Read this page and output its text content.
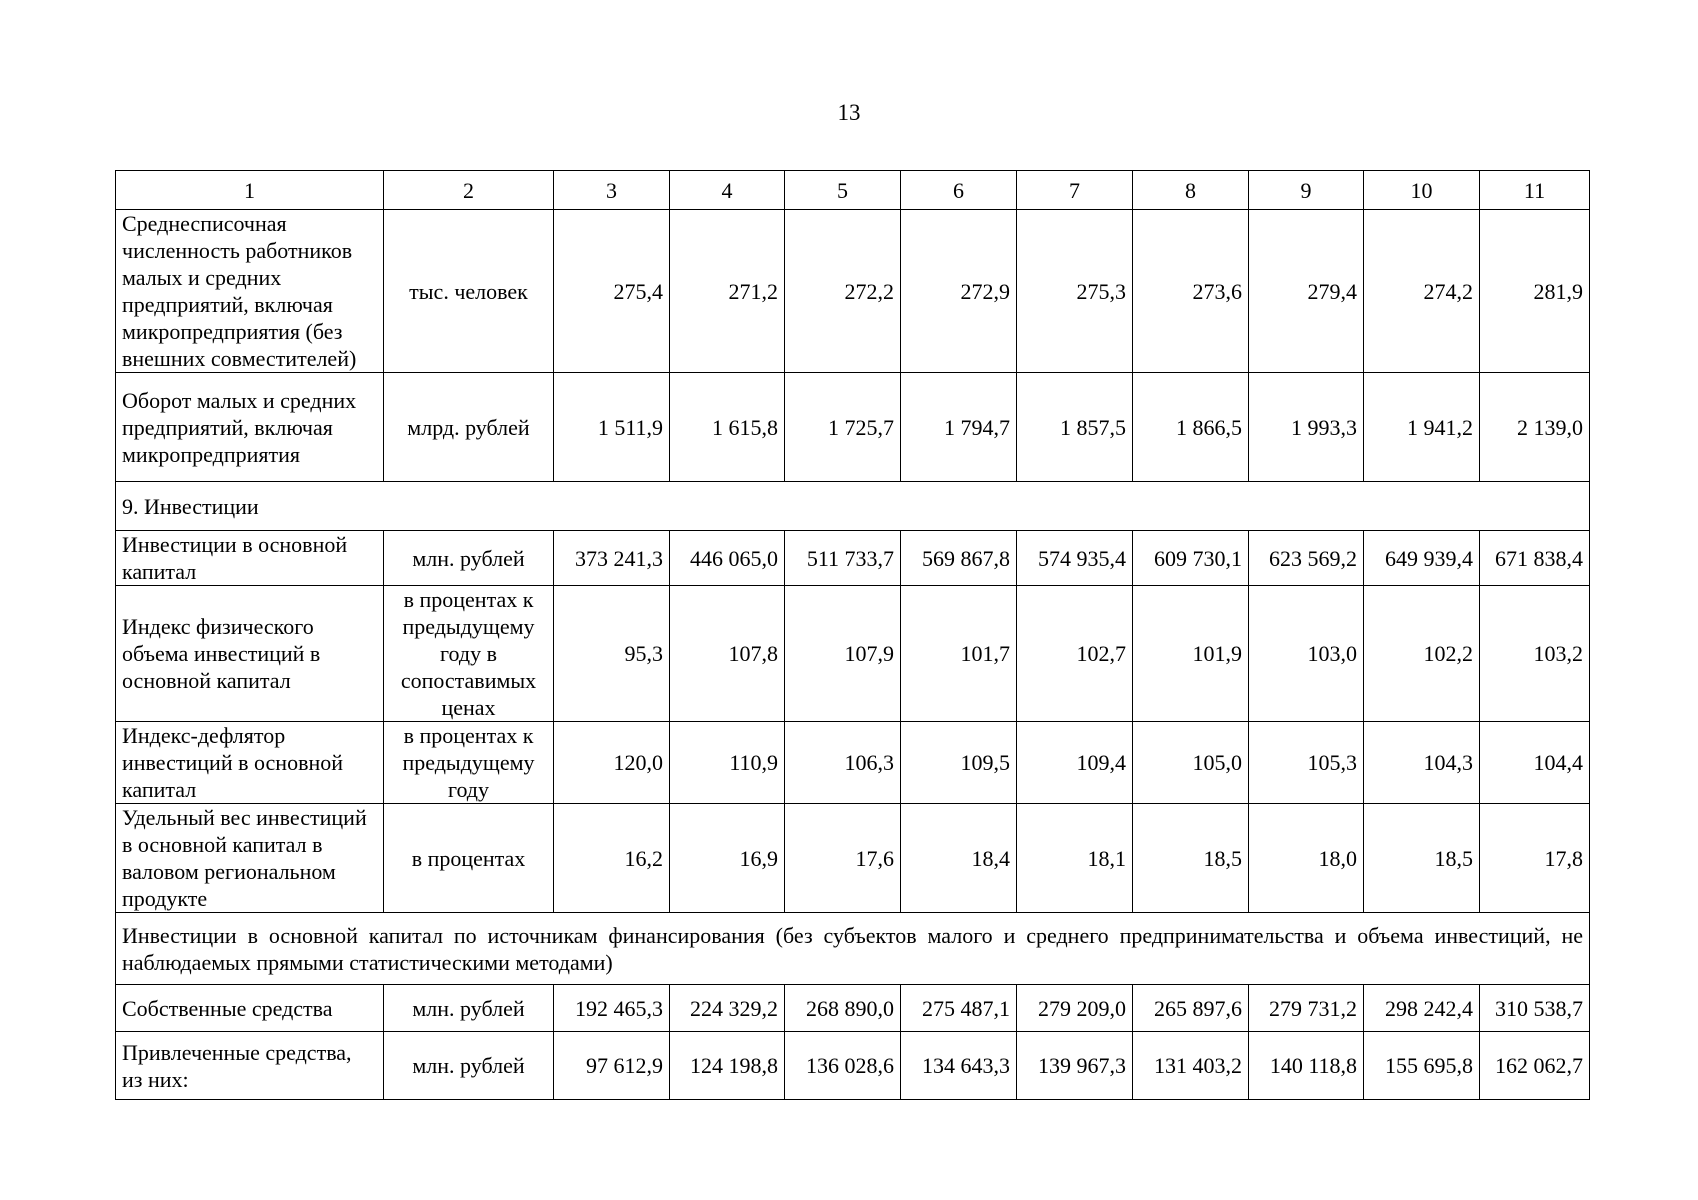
13
1	2	3	4	5	6	7	8	9	10	11
Среднесписочная численность работников малых и средних предприятий, включая микропредприятия (без внешних совместителей)	тыс. человек	275,4	271,2	272,2	272,9	275,3	273,6	279,4	274,2	281,9
Оборот малых и средних предприятий, включая микропредприятия	млрд. рублей	1 511,9	1 615,8	1 725,7	1 794,7	1 857,5	1 866,5	1 993,3	1 941,2	2 139,0
9. Инвестиции										
Инвестиции в основной капитал	млн. рублей	373 241,3	446 065,0	511 733,7	569 867,8	574 935,4	609 730,1	623 569,2	649 939,4	671 838,4
Индекс физического объема инвестиций в основной капитал	в процентах к предыдущему году в сопоставимых ценах	95,3	107,8	107,9	101,7	102,7	101,9	103,0	102,2	103,2
Индекс-дефлятор инвестиций в основной капитал	в процентах к предыдущему году	120,0	110,9	106,3	109,5	109,4	105,0	105,3	104,3	104,4
Удельный вес инвестиций в основной капитал в валовом региональном продукте	в процентах	16,2	16,9	17,6	18,4	18,1	18,5	18,0	18,5	17,8
Инвестиции в основной капитал по источникам финансирования (без субъектов малого и среднего предпринимательства и объема инвестиций, не наблюдаемых прямыми статистическими методами)										
Собственные средства	млн. рублей	192 465,3	224 329,2	268 890,0	275 487,1	279 209,0	265 897,6	279 731,2	298 242,4	310 538,7
Привлеченные средства, из них:	млн. рублей	97 612,9	124 198,8	136 028,6	134 643,3	139 967,3	131 403,2	140 118,8	155 695,8	162 062,7
